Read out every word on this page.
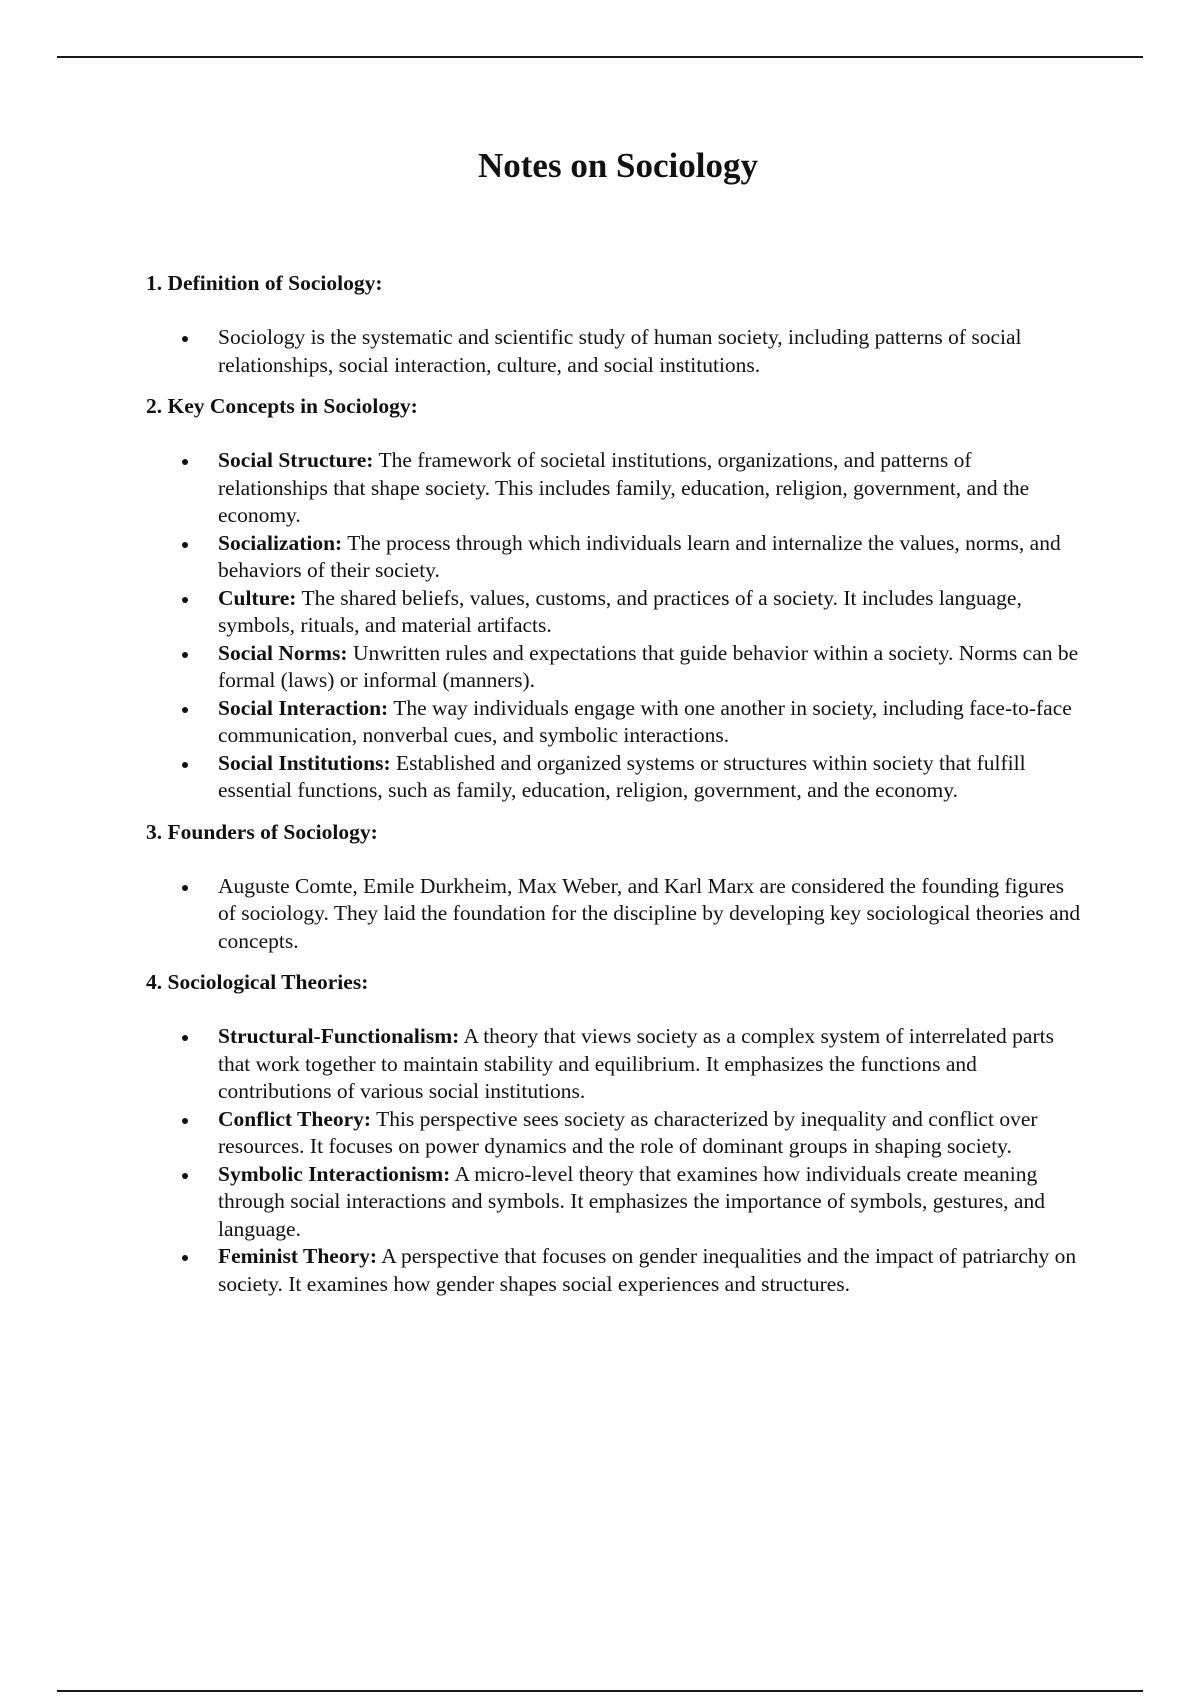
Notes on Sociology
1. Definition of Sociology:
Sociology is the systematic and scientific study of human society, including patterns of social relationships, social interaction, culture, and social institutions.
2. Key Concepts in Sociology:
Social Structure: The framework of societal institutions, organizations, and patterns of relationships that shape society. This includes family, education, religion, government, and the economy.
Socialization: The process through which individuals learn and internalize the values, norms, and behaviors of their society.
Culture: The shared beliefs, values, customs, and practices of a society. It includes language, symbols, rituals, and material artifacts.
Social Norms: Unwritten rules and expectations that guide behavior within a society. Norms can be formal (laws) or informal (manners).
Social Interaction: The way individuals engage with one another in society, including face-to-face communication, nonverbal cues, and symbolic interactions.
Social Institutions: Established and organized systems or structures within society that fulfill essential functions, such as family, education, religion, government, and the economy.
3. Founders of Sociology:
Auguste Comte, Emile Durkheim, Max Weber, and Karl Marx are considered the founding figures of sociology. They laid the foundation for the discipline by developing key sociological theories and concepts.
4. Sociological Theories:
Structural-Functionalism: A theory that views society as a complex system of interrelated parts that work together to maintain stability and equilibrium. It emphasizes the functions and contributions of various social institutions.
Conflict Theory: This perspective sees society as characterized by inequality and conflict over resources. It focuses on power dynamics and the role of dominant groups in shaping society.
Symbolic Interactionism: A micro-level theory that examines how individuals create meaning through social interactions and symbols. It emphasizes the importance of symbols, gestures, and language.
Feminist Theory: A perspective that focuses on gender inequalities and the impact of patriarchy on society. It examines how gender shapes social experiences and structures.
